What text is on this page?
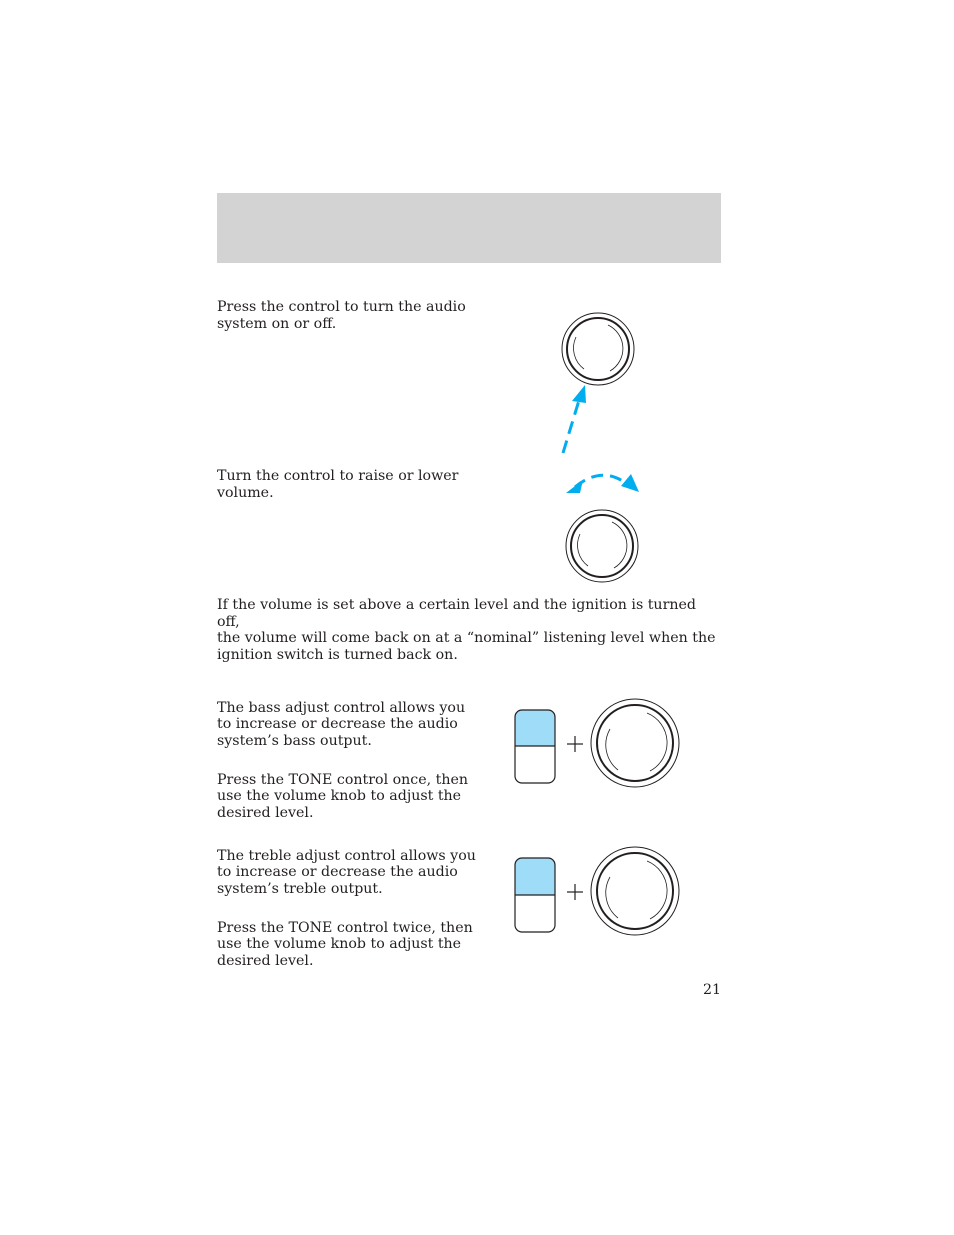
Press the control to turn the audio
system on or off.
Turn the control to raise or lower
volume.
If the volume is set above a certain level and the ignition is turned off,
the volume will come back on at a “nominal” listening level when the
ignition switch is turned back on.

The bass adjust control allows you
to increase or decrease the audio
system’s bass output.

Press the TONE control once, then
use the volume knob to adjust the
desired level.

The treble adjust control allows you
to increase or decrease the audio
system’s treble output.

Press the TONE control twice, then
use the volume knob to adjust the
desired level.

21
